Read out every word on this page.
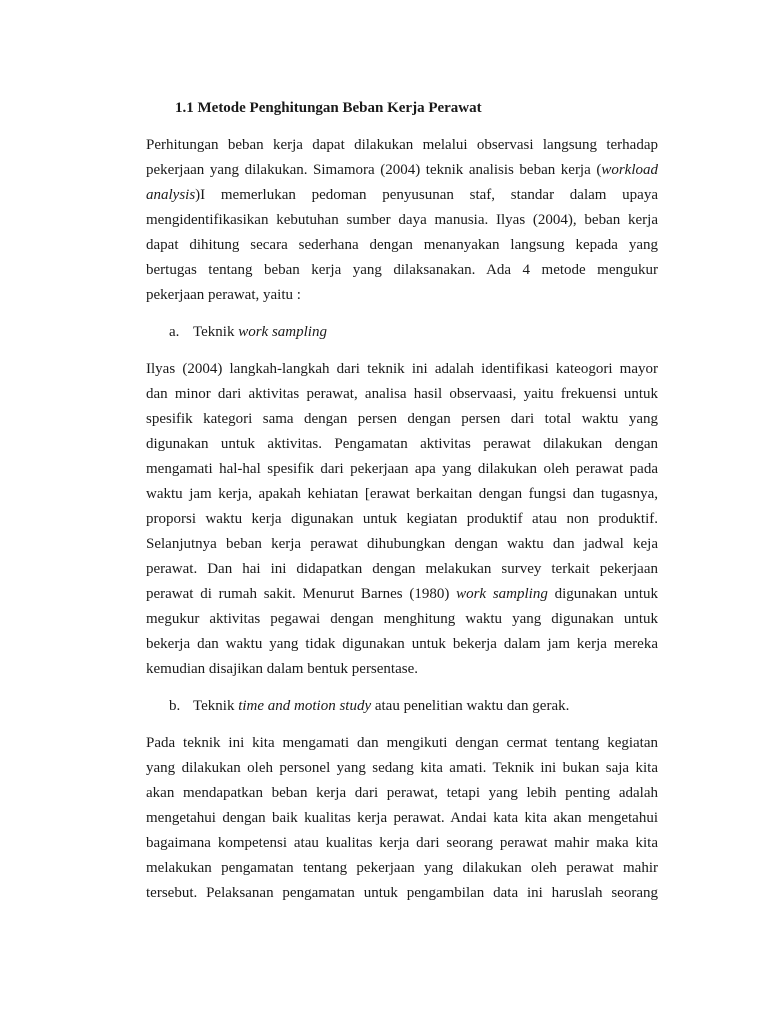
1.1 Metode Penghitungan Beban Kerja Perawat
Perhitungan beban kerja dapat dilakukan melalui observasi langsung terhadap
pekerjaan yang dilakukan. Simamora (2004) teknik analisis beban kerja (workload
analysis)I memerlukan pedoman penyusunan staf, standar dalam upaya
mengidentifikasikan kebutuhan sumber daya manusia. Ilyas (2004), beban kerja
dapat dihitung secara sederhana dengan menanyakan langsung kepada yang
bertugas tentang beban kerja yang dilaksanakan. Ada 4 metode mengukur
pekerjaan perawat, yaitu :
a. Teknik work sampling
Ilyas (2004) langkah-langkah dari teknik ini adalah identifikasi kateogori mayor
dan minor dari aktivitas perawat, analisa hasil observaasi, yaitu frekuensi untuk
spesifik kategori sama dengan persen dengan persen dari total waktu yang
digunakan untuk aktivitas. Pengamatan aktivitas perawat dilakukan dengan
mengamati hal-hal spesifik dari pekerjaan apa yang dilakukan oleh perawat pada
waktu jam kerja, apakah kehiatan [erawat berkaitan dengan fungsi dan tugasnya,
proporsi waktu kerja digunakan untuk kegiatan produktif atau non produktif.
Selanjutnya beban kerja perawat dihubungkan dengan waktu dan jadwal keja
perawat. Dan hai ini didapatkan dengan melakukan survey terkait pekerjaan
perawat di rumah sakit. Menurut Barnes (1980) work sampling digunakan untuk
megukur aktivitas pegawai dengan menghitung waktu yang digunakan untuk
bekerja dan waktu yang tidak digunakan untuk bekerja dalam jam kerja mereka
kemudian disajikan dalam bentuk persentase.
b. Teknik time and motion study atau penelitian waktu dan gerak.
Pada teknik ini kita mengamati dan mengikuti dengan cermat tentang kegiatan
yang dilakukan oleh personel yang sedang kita amati. Teknik ini bukan saja kita
akan mendapatkan beban kerja dari perawat, tetapi yang lebih penting adalah
mengetahui dengan baik kualitas kerja perawat. Andai kata kita akan mengetahui
bagaimana kompetensi atau kualitas kerja dari seorang perawat mahir maka kita
melakukan pengamatan tentang pekerjaan yang dilakukan oleh perawat mahir
tersebut. Pelaksanan pengamatan untuk pengambilan data ini haruslah seorang
